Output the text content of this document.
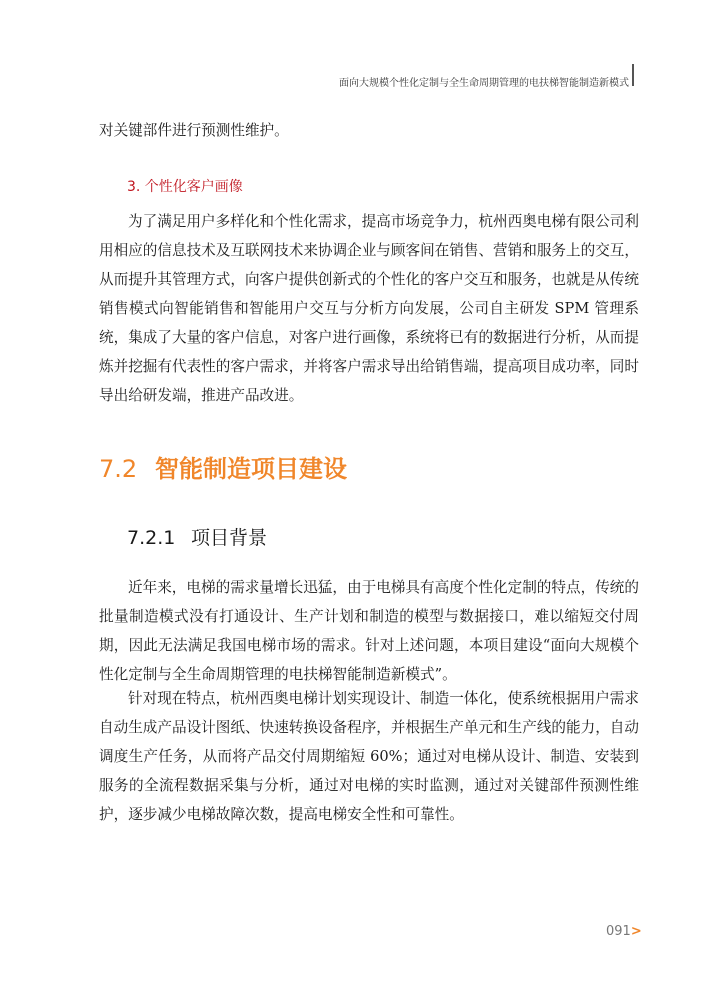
面向大规模个性化定制与全生命周期管理的电扶梯智能制造新模式

对关键部件进行预测性维护。

3. 个性化客户画像

为了满足用户多样化和个性化需求，提高市场竞争力，杭州西奥电梯有限公司利用相应的信息技术及互联网技术来协调企业与顾客间在销售、营销和服务上的交互，从而提升其管理方式，向客户提供创新式的个性化的客户交互和服务，也就是从传统销售模式向智能销售和智能用户交互与分析方向发展，公司自主研发 SPM 管理系统，集成了大量的客户信息，对客户进行画像，系统将已有的数据进行分析，从而提炼并挖掘有代表性的客户需求，并将客户需求导出给销售端，提高项目成功率，同时导出给研发端，推进产品改进。

7.2 智能制造项目建设
7.2.1 项目背景

近年来，电梯的需求量增长迅猛，由于电梯具有高度个性化定制的特点，传统的批量制造模式没有打通设计、生产计划和制造的模型与数据接口，难以缩短交付周期，因此无法满足我国电梯市场的需求。针对上述问题，本项目建设“面向大规模个性化定制与全生命周期管理的电扶梯智能制造新模式”。

针对现在特点，杭州西奥电梯计划实现设计、制造一体化，使系统根据用户需求自动生成产品设计图纸、快速转换设备程序，并根据生产单元和生产线的能力，自动调度生产任务，从而将产品交付周期缩短 60%；通过对电梯从设计、制造、安装到服务的全流程数据采集与分析，通过对电梯的实时监测，通过对关键部件预测性维护，逐步减少电梯故障次数，提高电梯安全性和可靠性。

091>
